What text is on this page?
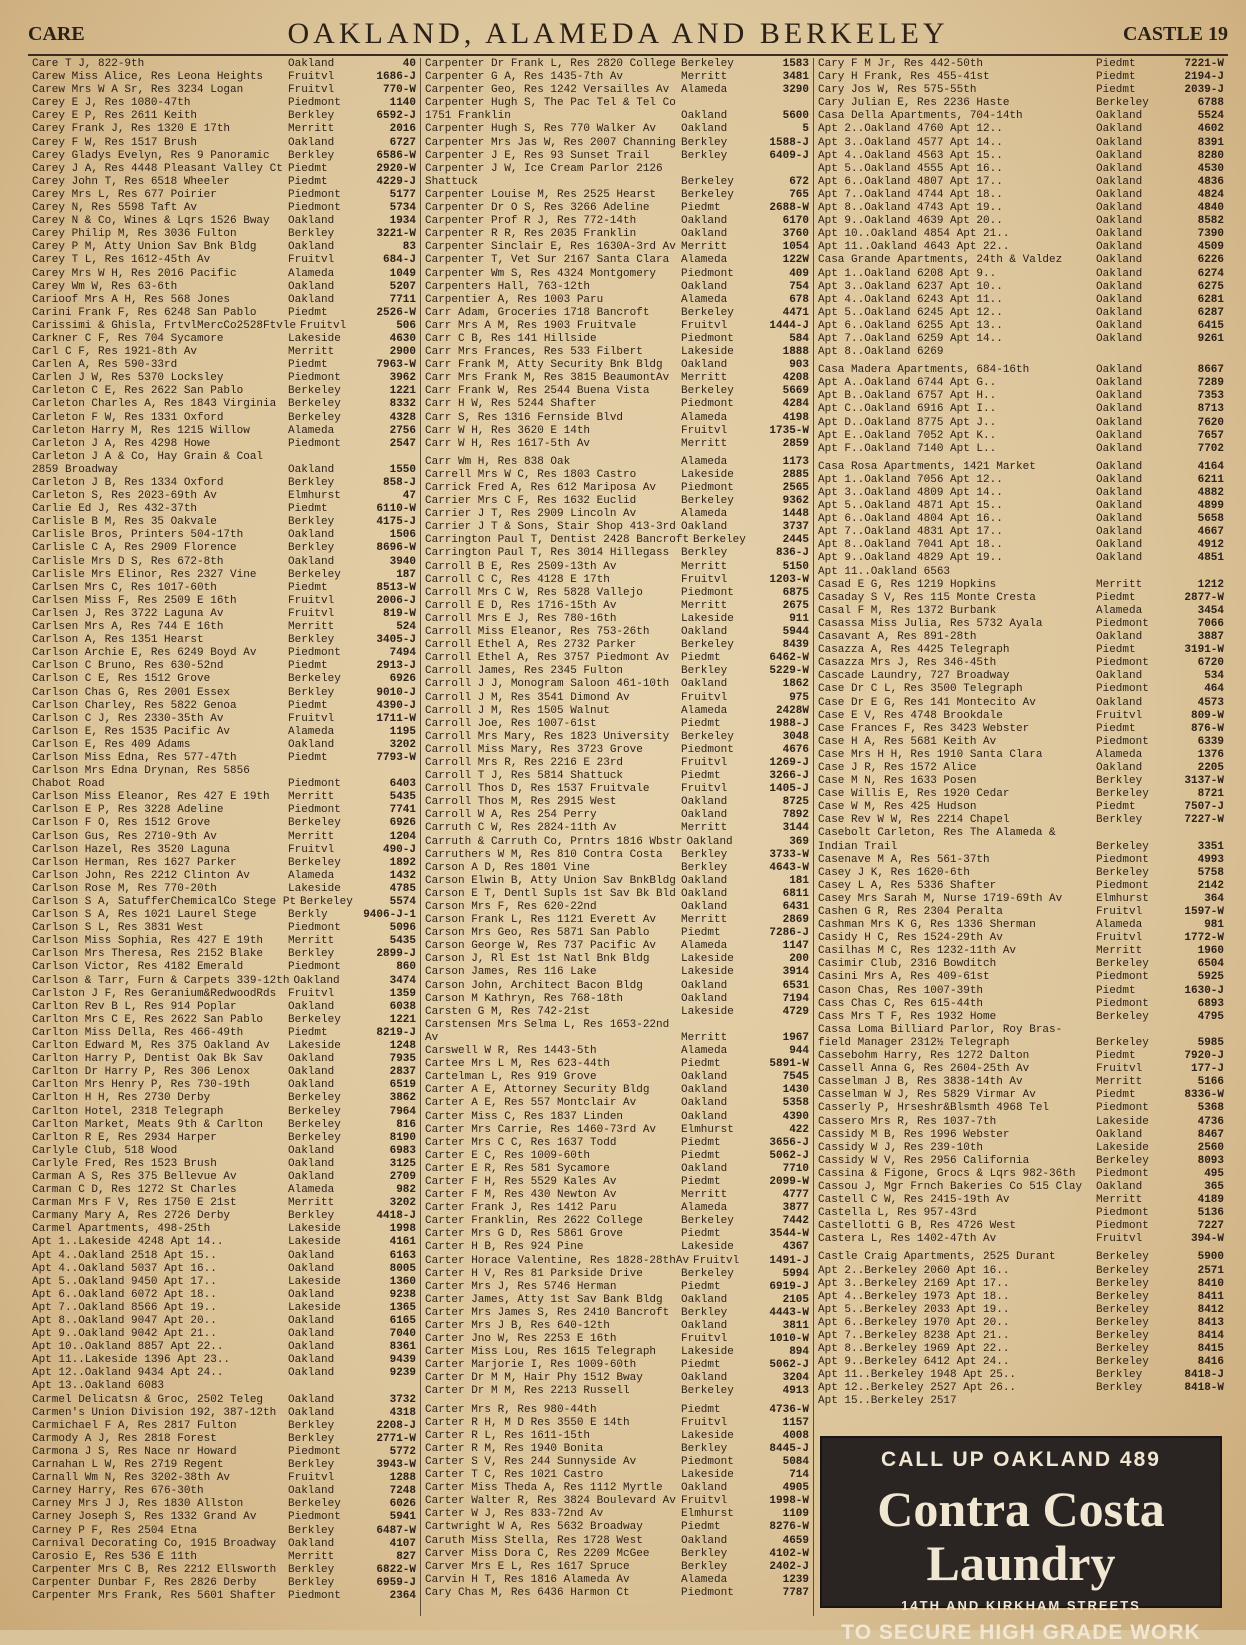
CARE	OAKLAND, ALAMEDA AND BERKELEY	CASTLE 19
Care T J, 822-9th	Oakland	40
Carew Miss Alice, Res Leona Heights	Fruitvl	1686-J
Carew Mrs W A Sr, Res 3234 Logan	Fruitvl	770-W
Carey E J, Res 1080-47th	Piedmont	1140
Carey E P, Res 2611 Keith	Berkley	6592-J
Carey Frank J, Res 1320 E 17th	Merritt	2016
Carey F W, Res 1517 Brush	Oakland	6727
Carey Gladys Evelyn, Res 9 Panoramic	Berkley	6586-W
Carey J A, Res 4448 Pleasant Valley Ct Piedmt	2920-W
Carey John T, Res 6518 Wheeler	Piedmt	4229-J
Carey Mrs L, Res 677 Poirier	Piedmont	5177
Carey N, Res 5598 Taft Av	Piedmont	5734
Carey N & Co, Wines & Lqrs 1526 Bway	Oakland	1934
Carey Philip M, Res 3036 Fulton	Berkley	3221-W
Carey P M, Atty Union Sav Bnk Bldg	Oakland	83
Carey T L, Res 1612-45th Av	Fruitvl	684-J
Carey Mrs W H, Res 2016 Pacific	Alameda	1049
Carey Wm W, Res 63-6th	Oakland	5207
Carioof Mrs A H, Res 568 Jones	Oakland	7711
Carini Frank F, Res 6248 San Pablo	Piedmt	2526-W
Carissimi & Ghisla, FrtvlMercCo2528Ftvle Fruitvl	506
Carkner C F, Res 704 Sycamore	Lakeside	4630
Carl C F, Res 1921-8th Av	Merritt	2900
Carlen A, Res 590-33rd	Piedmt	7963-W
Carlen J W, Res 5370 Locksley	Piedmont	3962
Carleton C E, Res 2622 San Pablo	Berkeley	1221
Carleton Charles A, Res 1843 Virginia	Berkeley	8332
Carleton F W, Res 1331 Oxford	Berkeley	4328
Carleton Harry M, Res 1215 Willow	Alameda	2756
Carleton J A, Res 4298 Howe	Piedmont	2547
Carleton J A & Co, Hay Grain & Coal
2859 Broadway	Oakland	1550
Carleton J B, Res 1334 Oxford	Berkley	858-J
Carleton S, Res 2023-69th Av	Elmhurst	47
Carlie Ed J, Res 432-37th	Piedmt	6110-W
Carlisle B M, Res 35 Oakvale	Berkley	4175-J
Carlisle Bros, Printers 504-17th	Oakland	1506
Carlisle C A, Res 2909 Florence	Berkley	8696-W
Carlisle Mrs D S, Res 672-8th	Oakland	3940
Carlisle Mrs Elinor, Res 2327 Vine	Berkeley	187
Carlsen Mrs C, Res 1017-60th	Piedmt	8513-W
Carlsen Miss F, Res 2509 E 16th	Fruitvl	2006-J
Carlsen J, Res 3722 Laguna Av	Fruitvl	819-W
Carlsen Mrs A, Res 744 E 16th	Merritt	524
Carlson A, Res 1351 Hearst	Berkley	3405-J
Carlson Archie E, Res 6249 Boyd Av	Piedmont	7494
Carlson C Bruno, Res 630-52nd	Piedmt	2913-J
Carlson C E, Res 1512 Grove	Berkeley	6926
Carlson Chas G, Res 2001 Essex	Berkley	9010-J
Carlson Charley, Res 5822 Genoa	Piedmt	4390-J
Carlson C J, Res 2330-35th Av	Fruitvl	1711-W
Carlson E, Res 1535 Pacific Av	Alameda	1195
Carlson E, Res 409 Adams	Oakland	3202
Carlson Miss Edna, Res 577-47th	Piedmt	7793-W
Carlson Mrs Edna Drynan, Res 5856
Chabot Road	Piedmont	6403
Carlson Miss Eleanor, Res 427 E 19th	Merritt	5435
Carlson E P, Res 3228 Adeline	Piedmont	7741
Carlson F O, Res 1512 Grove	Berkeley	6926
Carlson Gus, Res 2710-9th Av	Merritt	1204
Carlson Hazel, Res 3520 Laguna	Fruitvl	490-J
Carlson Herman, Res 1627 Parker	Berkeley	1892
Carlson John, Res 2212 Clinton Av	Alameda	1432
Carlson Rose M, Res 770-20th	Lakeside	4785
Carlson S A, SatufferChemicalCo Stege Pt Berkeley	5574
Carlson S A, Res 1021 Laurel Stege	Berkly	9406-J-1
Carlson S L, Res 3831 West	Piedmont	5096
Carlson Miss Sophia, Res 427 E 19th	Merritt	5435
Carlson Mrs Theresa, Res 2152 Blake	Berkley	2899-J
Carlson Victor, Res 4182 Emerald	Piedmont	860
Carlson & Tarr, Furn & Carpets 339-12th Oakland	3474
Carlston J F, Res Geranium&RedwoodRds	Fruitvl	1359
Carlton Rev B L, Res 914 Poplar	Oakland	6038
Carlton Mrs C E, Res 2622 San Pablo	Berkeley	1221
Carlton Miss Della, Res 466-49th	Piedmt	8219-J
Carlton Edward M, Res 375 Oakland Av	Lakeside	1248
Carlton Harry P, Dentist Oak Bk Sav	Oakland	7935
Carlton Dr Harry P, Res 306 Lenox	Oakland	2837
Carlton Mrs Henry P, Res 730-19th	Oakland	6519
Carlton H H, Res 2730 Derby	Berkeley	3862
Carlton Hotel, 2318 Telegraph	Berkeley	7964
Carlton Market, Meats 9th & Carlton	Berkeley	816
Carlton R E, Res 2934 Harper	Berkeley	8190
Carlyle Club, 518 Wood	Oakland	6983
Carlyle Fred, Res 1523 Brush	Oakland	3125
Carman A S, Res 375 Bellevue Av	Oakland	2709
Carman C D, Res 1272 St Charles	Alameda	982
Carman Mrs F V, Res 1750 E 21st	Merritt	3202
Carmany Mary A, Res 2726 Derby	Berkley	4418-J
Carmel Apartments, 498-25th	Lakeside	1998
Apt 1..Lakeside 4248 Apt 14..	Lakeside	4161
Apt 4..Oakland 2518 Apt 15..	Oakland	6163
Apt 4..Oakland 5037 Apt 16..	Oakland	8005
Apt 5..Oakland 9450 Apt 17..	Lakeside	1360
Apt 6..Oakland 6072 Apt 18..	Oakland	9238
Apt 7..Oakland 8566 Apt 19..	Lakeside	1365
Apt 8..Oakland 9047 Apt 20..	Oakland	6165
Apt 9..Oakland 9042 Apt 21..	Oakland	7040
Apt 10..Oakland 8857 Apt 22..	Oakland	8361
Apt 11..Lakeside 1396 Apt 23..	Oakland	9439
Apt 12..Oakland 9434 Apt 24..	Oakland	9239
Apt 13..Oakland 6083
Carmel Delicatsn & Groc, 2502 Teleg	Oakland	3732
Carmen's Union Division 192, 387-12th	Oakland	4318
Carmichael F A, Res 2817 Fulton	Berkley	2208-J
Carmody A J, Res 2818 Forest	Berkley	2771-W
Carmona J S, Res Nace nr Howard	Piedmont	5772
Carnahan L W, Res 2719 Regent	Berkley	3943-W
Carnall Wm N, Res 3202-38th Av	Fruitvl	1288
Carney Harry, Res 676-30th	Oakland	7248
Carney Mrs J J, Res 1830 Allston	Berkeley	6026
Carney Joseph S, Res 1332 Grand Av	Piedmont	5941
Carney P F, Res 2504 Etna	Berkley	6487-W
Carnival Decorating Co, 1915 Broadway	Oakland	4107
Carosio E, Res 536 E 11th	Merritt	827
Carpenter Mrs C B, Res 2212 Ellsworth	Berkley	6822-W
Carpenter Dunbar F, Res 2826 Derby	Berkley	6959-J
Carpenter Mrs Frank, Res 5601 Shafter	Piedmont	2364
Carpenter Dr Frank L, Res 2820 College Berkeley	1583
Carpenter G A, Res 1435-7th Av	Merritt	3481
Carpenter Geo, Res 1242 Versailles Av	Alameda	3290
Carpenter Hugh S, The Pac Tel & Tel Co
1751 Franklin	Oakland	5600
Carpenter Hugh S, Res 770 Walker Av	Oakland	5
Carpenter Mrs Jas W, Res 2007 Channing Berkley	1588-J
Carpenter J E, Res 93 Sunset Trail	Berkley	6409-J
Carpenter J W, Ice Cream Parlor 2126
Shattuck	Berkeley	672
Carpenter Louise M, Res 2525 Hearst	Berkeley	765
Carpenter Dr O S, Res 3266 Adeline	Piedmt	2688-W
Carpenter Prof R J, Res 772-14th	Oakland	6170
Carpenter R R, Res 2035 Franklin	Oakland	3760
Carpenter Sinclair E, Res 1630A-3rd Av Merritt	1054
Carpenter T, Vet Sur 2167 Santa Clara	Alameda	122W
Carpenter Wm S, Res 4324 Montgomery	Piedmont	409
Carpenters Hall, 763-12th	Oakland	754
Carpentier A, Res 1003 Paru	Alameda	678
Carr Adam, Groceries 1718 Bancroft	Berkeley	4471
Carr Mrs A M, Res 1903 Fruitvale	Fruitvl	1444-J
Carr C B, Res 141 Hillside	Piedmont	584
Carr Mrs Frances, Res 533 Filbert	Lakeside	1888
Carr Frank M, Atty Security Bnk Bldg	Oakland	903
Carr Mrs Frank M, Res 3815 BeaumontAv	Merritt	4208
Carr Frank W, Res 2544 Buena Vista	Berkeley	5669
Carr H W, Res 5244 Shafter	Piedmont	4284
Carr S, Res 1316 Fernside Blvd	Alameda	4198
Carr W H, Res 3620 E 14th	Fruitvl	1735-W
Carr W H, Res 1617-5th Av	Merritt	2859
Carr Wm H, Res 838 Oak	Alameda	1173
Carrell Mrs W C, Res 1803 Castro	Lakeside	2885
Carrick Fred A, Res 612 Mariposa Av	Piedmont	2565
Carrier Mrs C F, Res 1632 Euclid	Berkeley	9362
Carrier J T, Res 2909 Lincoln Av	Alameda	1448
Carrier J T & Sons, Stair Shop 413-3rd Oakland	3737
Carrington Paul T, Dentist 2428 Bancroft Berkeley	2445
Carrington Paul T, Res 3014 Hillegass	Berkley	836-J
Carroll B E, Res 2509-13th Av	Merritt	5150
Carroll C C, Res 4128 E 17th	Fruitvl	1203-W
Carroll Mrs C W, Res 5828 Vallejo	Piedmont	6875
Carroll E D, Res 1716-15th Av	Merritt	2675
Carroll Mrs E J, Res 780-16th	Lakeside	911
Carroll Miss Eleanor, Res 753-26th	Oakland	5944
Carroll Ethel A, Res 2732 Parker	Berkeley	8439
Carroll Ethel A, Res 3757 Piedmont Av	Piedmt	6462-W
Carroll James, Res 2345 Fulton	Berkley	5229-W
Carroll J J, Monogram Saloon 461-10th	Oakland	1862
Carroll J M, Res 3541 Dimond Av	Fruitvl	975
Carroll J M, Res 1505 Walnut	Alameda	2428W
Carroll Joe, Res 1007-61st	Piedmt	1988-J
Carroll Mrs Mary, Res 1823 University	Berkeley	3048
Carroll Miss Mary, Res 3723 Grove	Piedmont	4676
Carroll Mrs R, Res 2216 E 23rd	Fruitvl	1269-J
Carroll T J, Res 5814 Shattuck	Piedmt	3266-J
Carroll Thos D, Res 1537 Fruitvale	Fruitvl	1405-J
Carroll Thos M, Res 2915 West	Oakland	8725
Carroll W A, Res 254 Perry	Oakland	7892
Carruth C W, Res 2824-11th Av	Merritt	3144
Carruth & Carruth Co, Prntrs 1816 Wbstr Oakland	369
Carruthers W M, Res 810 Contra Costa	Berkley	3733-W
Carson A D, Res 1801 Vine	Berkley	4643-W
Carson Elwin B, Atty Union Sav BnkBldg Oakland	181
Carson E T, Dentl Supls 1st Sav Bk Bld Oakland	6811
Carson Mrs F, Res 620-22nd	Oakland	6431
Carson Frank L, Res 1121 Everett Av	Merritt	2869
Carson Mrs Geo, Res 5871 San Pablo	Piedmt	7286-J
Carson George W, Res 737 Pacific Av	Alameda	1147
Carson J, Rl Est 1st Natl Bnk Bldg	Lakeside	200
Carson James, Res 116 Lake	Lakeside	3914
Carson John, Architect Bacon Bldg	Oakland	6531
Carson M Kathryn, Res 768-18th	Oakland	7194
Carsten G M, Res 742-21st	Lakeside	4729
Carstensen Mrs Selma L, Res 1653-22nd
Av	Merritt	1967
Carswell W R, Res 1443-5th	Alameda	944
Cartee Mrs L M, Res 623-44th	Piedmt	5891-W
Cartelman L, Res 919 Grove	Oakland	7545
Carter A E, Attorney Security Bldg	Oakland	1430
Carter A E, Res 557 Montclair Av	Oakland	5358
Carter Miss C, Res 1837 Linden	Oakland	4390
Carter Mrs Carrie, Res 1460-73rd Av	Elmhurst	422
Carter Mrs C C, Res 1637 Todd	Piedmt	3656-J
Carter E C, Res 1009-60th	Piedmt	5062-J
Carter E R, Res 581 Sycamore	Oakland	7710
Carter F H, Res 5529 Kales Av	Piedmt	2099-W
Carter F M, Res 430 Newton Av	Merritt	4777
Carter Frank J, Res 1412 Paru	Alameda	3877
Carter Franklin, Res 2622 College	Berkeley	7442
Carter Mrs G D, Res 5861 Grove	Piedmt	3544-W
Carter H B, Res 924 Pine	Lakeside	4367
Carter Horace Valentine, Res 1828-28thAv Fruitvl	1491-J
Carter H V, Res 81 Parkside Drive	Berkeley	5994
Carter Mrs J, Res 5746 Herman	Piedmt	6919-J
Carter James, Atty 1st Sav Bank Bldg	Oakland	2105
Carter Mrs James S, Res 2410 Bancroft	Berkley	4443-W
Carter Mrs J B, Res 640-12th	Oakland	3811
Carter Jno W, Res 2253 E 16th	Fruitvl	1010-W
Carter Miss Lou, Res 1615 Telegraph	Lakeside	894
Carter Marjorie I, Res 1009-60th	Piedmt	5062-J
Carter Dr M M, Hair Phy 1512 Bway	Oakland	3204
Carter Dr M M, Res 2213 Russell	Berkeley	4913
Carter Mrs R, Res 980-44th	Piedmt	4736-W
Carter R H, M D Res 3550 E 14th	Fruitvl	1157
Carter R L, Res 1611-15th	Lakeside	4008
Carter R M, Res 1940 Bonita	Berkley	8445-J
Carter S V, Res 244 Sunnyside Av	Piedmont	5084
Carter T C, Res 1021 Castro	Lakeside	714
Carter Miss Theda A, Res 1112 Myrtle	Oakland	4905
Carter Walter R, Res 3824 Boulevard Av Fruitvl	1998-W
Carter W J, Res 833-72nd Av	Elmhurst	1109
Cartwright W A, Res 5632 Broadway	Piedmt	8276-W
Caruth Miss Stella, Res 1728 West	Oakland	4659
Carver Miss Dora C, Res 2209 McGee	Berkley	4102-W
Carver Mrs E L, Res 1617 Spruce	Berkley	2402-J
Carvin H T, Res 1816 Alameda Av	Alameda	1239
Cary Chas M, Res 6436 Harmon Ct	Piedmont	7787
Cary F M Jr, Res 442-50th	Piedmt	7221-W
Cary H Frank, Res 455-41st	Piedmt	2194-J
Cary Jos W, Res 575-55th	Piedmt	2039-J
Cary Julian E, Res 2236 Haste	Berkeley	6788
Casa Della Apartments, 704-14th	Oakland	5524
Apt 2..Oakland 4760 Apt 12..	Oakland	4602
Apt 3..Oakland 4577 Apt 14..	Oakland	8391
Apt 4..Oakland 4563 Apt 15..	Oakland	8280
Apt 5..Oakland 4555 Apt 16..	Oakland	4530
Apt 6..Oakland 4807 Apt 17..	Oakland	4836
Apt 7..Oakland 4744 Apt 18..	Oakland	4824
Apt 8..Oakland 4743 Apt 19..	Oakland	4840
Apt 9..Oakland 4639 Apt 20..	Oakland	8582
Apt 10..Oakland 4854 Apt 21..	Oakland	7390
Apt 11..Oakland 4643 Apt 22..	Oakland	4509
Casa Grande Apartments, 24th & Valdez	Oakland	6226
Apt 1..Oakland 6208 Apt 9..	Oakland	6274
Apt 3..Oakland 6237 Apt 10..	Oakland	6275
Apt 4..Oakland 6243 Apt 11..	Oakland	6281
Apt 5..Oakland 6245 Apt 12..	Oakland	6287
Apt 6..Oakland 6255 Apt 13..	Oakland	6415
Apt 7..Oakland 6259 Apt 14..	Oakland	9261
Apt 8..Oakland 6269
Casa Madera Apartments, 684-16th	Oakland	8667
Apt A..Oakland 6744 Apt G..	Oakland	7289
Apt B..Oakland 6757 Apt H..	Oakland	7353
Apt C..Oakland 6916 Apt I..	Oakland	8713
Apt D..Oakland 8775 Apt J..	Oakland	7620
Apt E..Oakland 7052 Apt K..	Oakland	7657
Apt F..Oakland 7140 Apt L..	Oakland	7702
Casa Rosa Apartments, 1421 Market	Oakland	4164
Apt 1..Oakland 7056 Apt 12..	Oakland	6211
Apt 3..Oakland 4809 Apt 14..	Oakland	4882
Apt 5..Oakland 4871 Apt 15..	Oakland	4899
Apt 6..Oakland 4804 Apt 16..	Oakland	5658
Apt 7..Oakland 4831 Apt 17..	Oakland	4667
Apt 8..Oakland 7041 Apt 18..	Oakland	4912
Apt 9..Oakland 4829 Apt 19..	Oakland	4851
Apt 11..Oakland 6563
Casad E G, Res 1219 Hopkins	Merritt	1212
Casaday S V, Res 115 Monte Cresta	Piedmt	2877-W
Casal F M, Res 1372 Burbank	Alameda	3454
Casassa Miss Julia, Res 5732 Ayala	Piedmont	7066
Casavant A, Res 891-28th	Oakland	3887
Casazza A, Res 4425 Telegraph	Piedmt	3191-W
Casazza Mrs J, Res 346-45th	Piedmont	6720
Cascade Laundry, 727 Broadway	Oakland	534
Case Dr C L, Res 3500 Telegraph	Piedmont	464
Case Dr E G, Res 141 Montecito Av	Oakland	4573
Case E V, Res 4748 Brookdale	Fruitvl	809-W
Case Frances F, Res 3423 Webster	Piedmt	876-W
Case H A, Res 5681 Keith Av	Piedmont	6339
Case Mrs H H, Res 1910 Santa Clara	Alameda	1376
Case J R, Res 1572 Alice	Oakland	2205
Case M N, Res 1633 Posen	Berkley	3137-W
Case Willis E, Res 1920 Cedar	Berkeley	8721
Case W M, Res 425 Hudson	Piedmt	7507-J
Case Rev W W, Res 2214 Chapel	Berkley	7227-W
Casebolt Carleton, Res The Alameda &
Indian Trail	Berkeley	3351
Casenave M A, Res 561-37th	Piedmont	4993
Casey J K, Res 1620-6th	Berkeley	5758
Casey L A, Res 5336 Shafter	Piedmont	2142
Casey Mrs Sarah M, Nurse 1719-69th Av	Elmhurst	364
Cashen G R, Res 2304 Peralta	Fruitvl	1597-W
Cashman Mrs K G, Res 1336 Sherman	Alameda	981
Casidy H C, Res 1524-29th Av	Fruitvl	1772-W
Casilhas M C, Res 1232-11th Av	Merritt	1960
Casimir Club, 2316 Bowditch	Berkeley	6504
Casini Mrs A, Res 409-61st	Piedmont	5925
Cason Chas, Res 1007-39th	Piedmt	1630-J
Cass Chas C, Res 615-44th	Piedmont	6893
Cass Mrs T F, Res 1932 Home	Berkeley	4795
Cassa Loma Billiard Parlor, Roy Bras-
field Manager 2312½ Telegraph	Berkeley	5985
Cassebohm Harry, Res 1272 Dalton	Piedmt	7920-J
Cassell Anna G, Res 2604-25th Av	Fruitvl	177-J
Casselman J B, Res 3838-14th Av	Merritt	5166
Casselman W J, Res 5829 Virmar Av	Piedmt	8336-W
Casserly P, Hrseshr&Blsmth 4968 Tel	Piedmont	5368
Cassero Mrs R, Res 1037-7th	Lakeside	4736
Cassidy M B, Res 1996 Webster	Oakland	8467
Cassidy W J, Res 239-10th	Lakeside	2560
Cassidy W V, Res 2956 California	Berkeley	8093
Cassina & Figone, Grocs & Lqrs 982-36th	Piedmont	495
Cassou J, Mgr Frnch Bakeries Co 515 Clay	Oakland	365
Castell C W, Res 2415-19th Av	Merritt	4189
Castella L, Res 957-43rd	Piedmont	5136
Castellotti G B, Res 4726 West	Piedmont	7227
Castera L, Res 1402-47th Av	Fruitvl	394-W
Castle Craig Apartments, 2525 Durant	Berkeley	5900
Apt 2..Berkeley 2060 Apt 16..	Berkeley	2571
Apt 3..Berkeley 2169 Apt 17..	Berkeley	8410
Apt 4..Berkeley 1973 Apt 18..	Berkeley	8411
Apt 5..Berkeley 2033 Apt 19..	Berkeley	8412
Apt 6..Berkeley 1970 Apt 20..	Berkeley	8413
Apt 7..Berkeley 8238 Apt 21..	Berkeley	8414
Apt 8..Berkeley 1969 Apt 22..	Berkeley	8415
Apt 9..Berkeley 6412 Apt 24..	Berkeley	8416
Apt 11..Berkeley 1948 Apt 25..	Berkley	8418-J
Apt 12..Berkeley 2527 Apt 26..	Berkley	8418-W
Apt 15..Berkeley 2517
CALL UP OAKLAND 489
Contra Costa Laundry
14TH AND KIRKHAM STREETS
TO SECURE HIGH GRADE WORK
